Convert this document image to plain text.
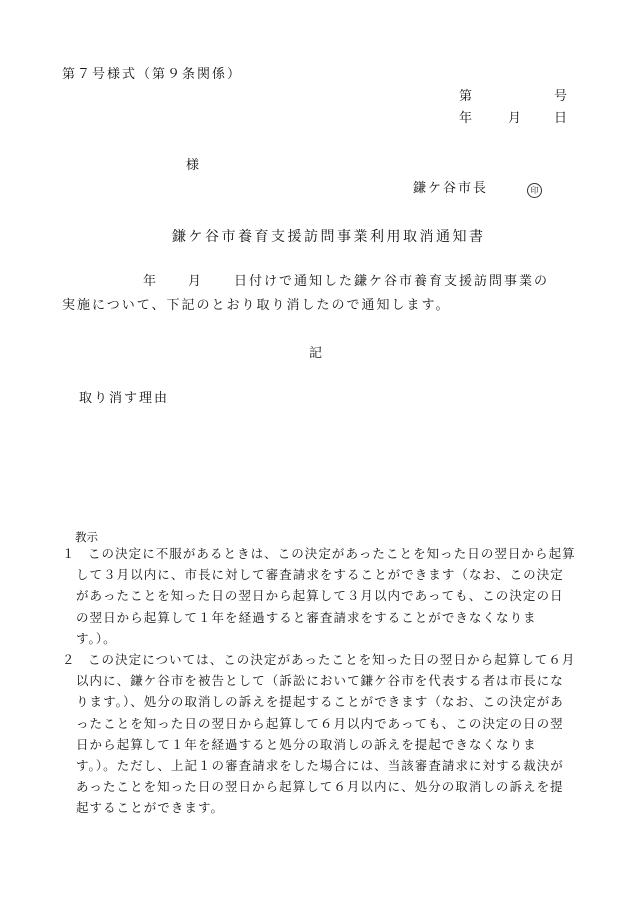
第７号様式（第９条関係）
第	号
年	月	日
様
鎌ケ谷市長	印
鎌ケ谷市養育支援訪問事業利用取消通知書
年 月	日付けで通知した鎌ケ谷市養育支援訪問事業の
実施について、下記のとおり取り消したので通知します。
記
取り消す理由
教示
１ この決定に不服があるときは、この決定があったことを知った日の翌日から起算して３月以内に、市長に対して審査請求をすることができます（なお、この決定があったことを知った日の翌日から起算して３月以内であっても、この決定の日の翌日から起算して１年を経過すると審査請求をすることができなくなります。）。
２ この決定については、この決定があったことを知った日の翌日から起算して６月以内に、鎌ケ谷市を被告として（訴訟において鎌ケ谷市を代表する者は市長になります。）、処分の取消しの訴えを提起することができます（なお、この決定があったことを知った日の翌日から起算して６月以内であっても、この決定の日の翌日から起算して１年を経過すると処分の取消しの訴えを提起できなくなります。）。ただし、上記１の審査請求をした場合には、当該審査請求に対する裁決があったことを知った日の翌日から起算して６月以内に、処分の取消しの訴えを提起することができます。
